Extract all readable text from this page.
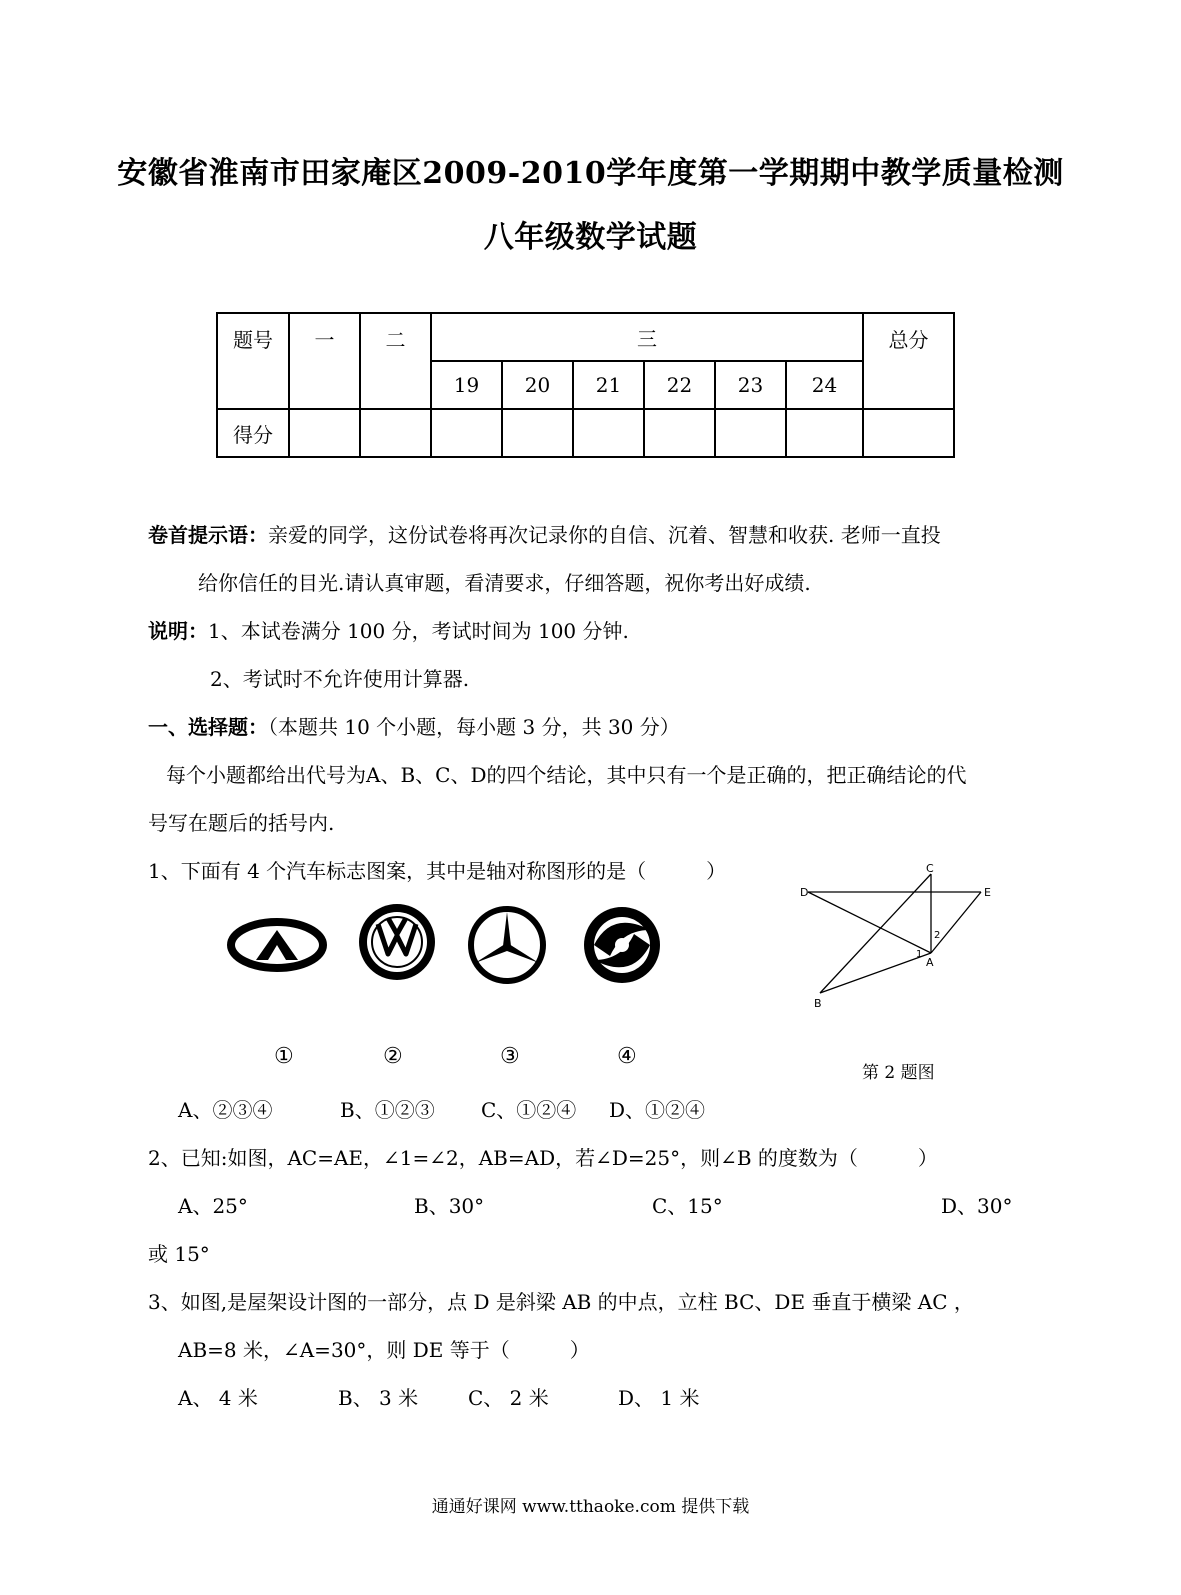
安徽省淮南市田家庵区2009-2010学年度第一学期期中教学质量检测
八年级数学试题
题号	一	二	三						总分
			19	20	21	22	23	24	
得分									
卷首提示语：亲爱的同学，这份试卷将再次记录你的自信、沉着、智慧和收获. 老师一直投
给你信任的目光.请认真审题，看清要求，仔细答题，祝你考出好成绩.
说明：1、本试卷满分 100 分，考试时间为 100 分钟.
2、考试时不允许使用计算器.
一、选择题：（本题共 10 个小题，每小题 3 分，共 30 分）
每个小题都给出代号为A、B、C、D的四个结论，其中只有一个是正确的，把正确结论的代
号写在题后的括号内.
1、下面有 4 个汽车标志图案，其中是轴对称图形的是（　　　）
①	②	③	④
A、②③④	B、①②③ C、①②④ D、①②④
C
D	E
A
B
1
2
第 2 题图
2、已知:如图，AC=AE，∠1=∠2，AB=AD，若∠D=25°，则∠B 的度数为（　　　）
A、25°	B、30°	C、15°	D、30°
或 15°
3、如图,是屋架设计图的一部分，点 D 是斜梁 AB 的中点，立柱 BC、DE 垂直于横梁 AC ，
AB=8 米，∠A=30°，则 DE 等于（　　　）
A、 4 米	B、 3 米 C、 2 米	D、 1 米
通通好课网 www.tthaoke.com 提供下载
